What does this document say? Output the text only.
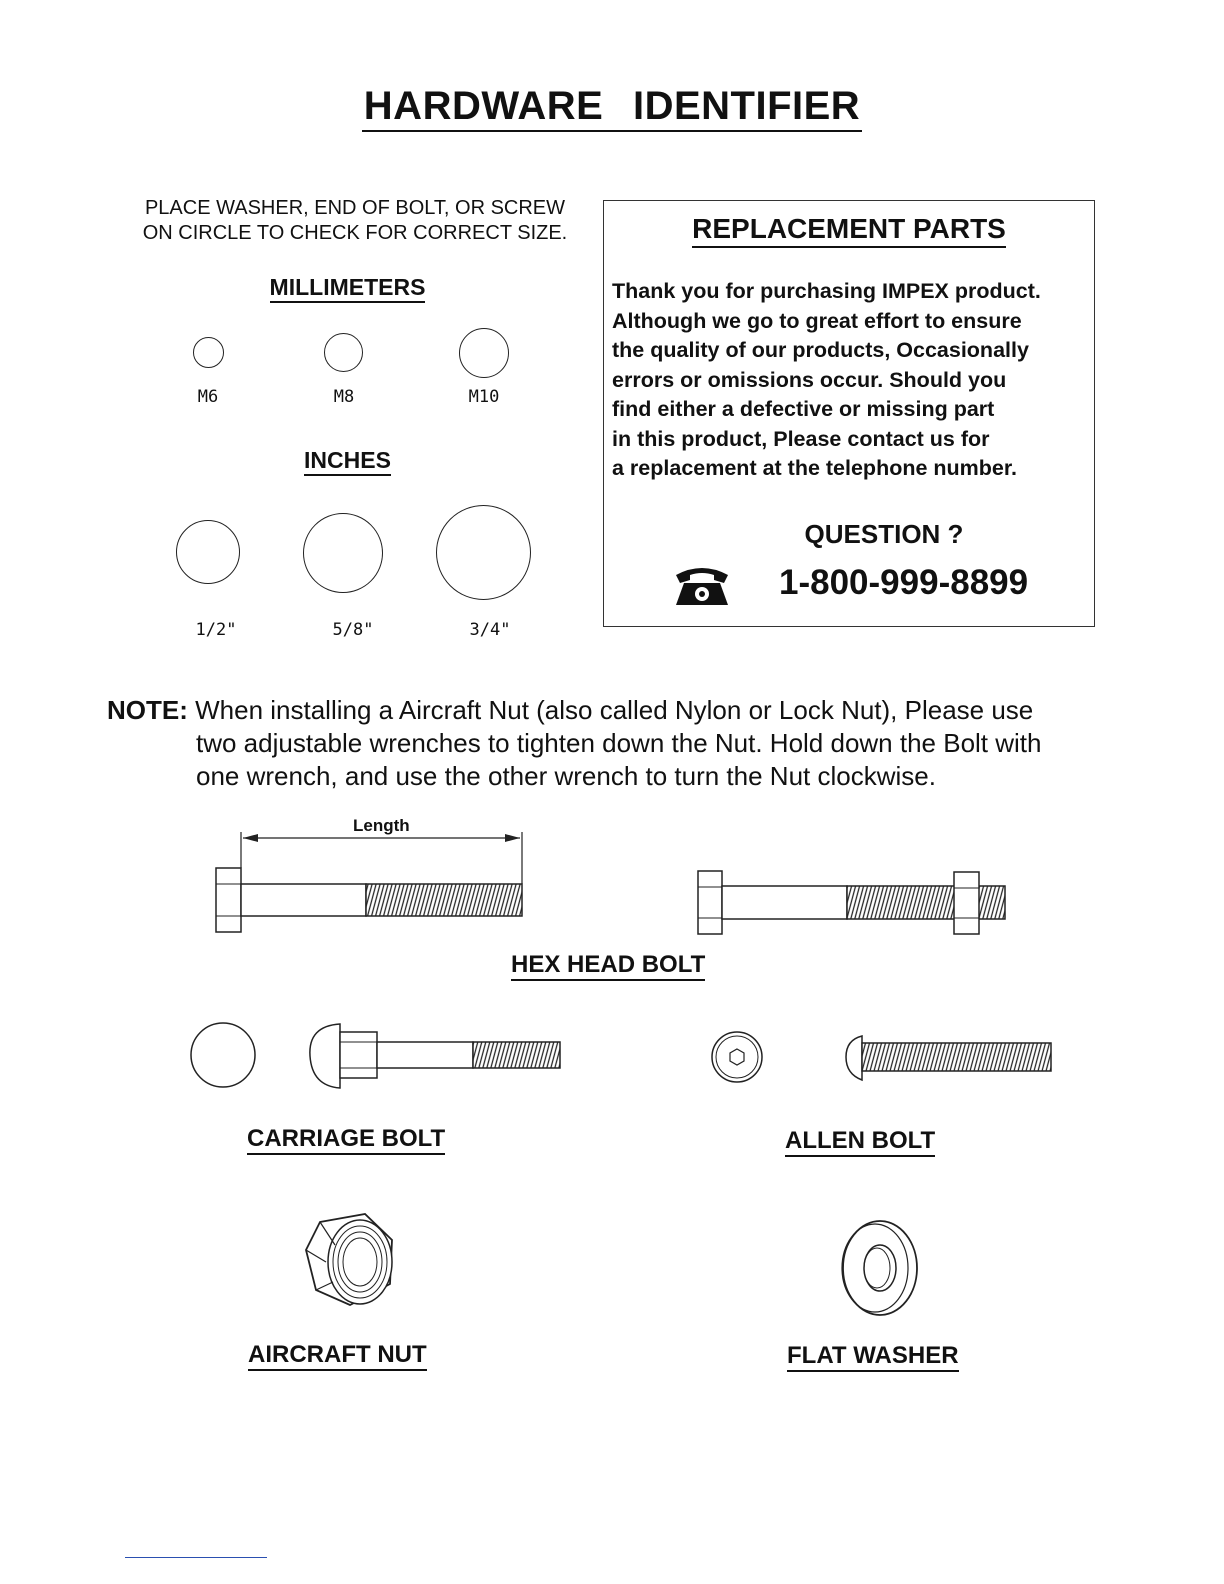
HARDWARE IDENTIFIER
PLACE WASHER, END OF BOLT, OR SCREW
ON CIRCLE TO CHECK FOR CORRECT SIZE.
MILLIMETERS
M6	M8	M10
INCHES
1/2"	5/8"	3/4"
REPLACEMENT PARTS
Thank you for purchasing IMPEX product.
Although we go to great effort to ensure
the quality of our products, Occasionally
errors or omissions occur. Should you
find either a defective or missing part
in this product, Please contact us for
a replacement at the telephone number.
QUESTION ?
1-800-999-8899
NOTE: When installing a Aircraft Nut (also called Nylon or Lock Nut), Please use
two adjustable wrenches to tighten down the Nut. Hold down the Bolt with
one wrench, and use the other wrench to turn the Nut clockwise.
Length
HEX HEAD BOLT
CARRIAGE BOLT	ALLEN BOLT
AIRCRAFT NUT	FLAT WASHER
